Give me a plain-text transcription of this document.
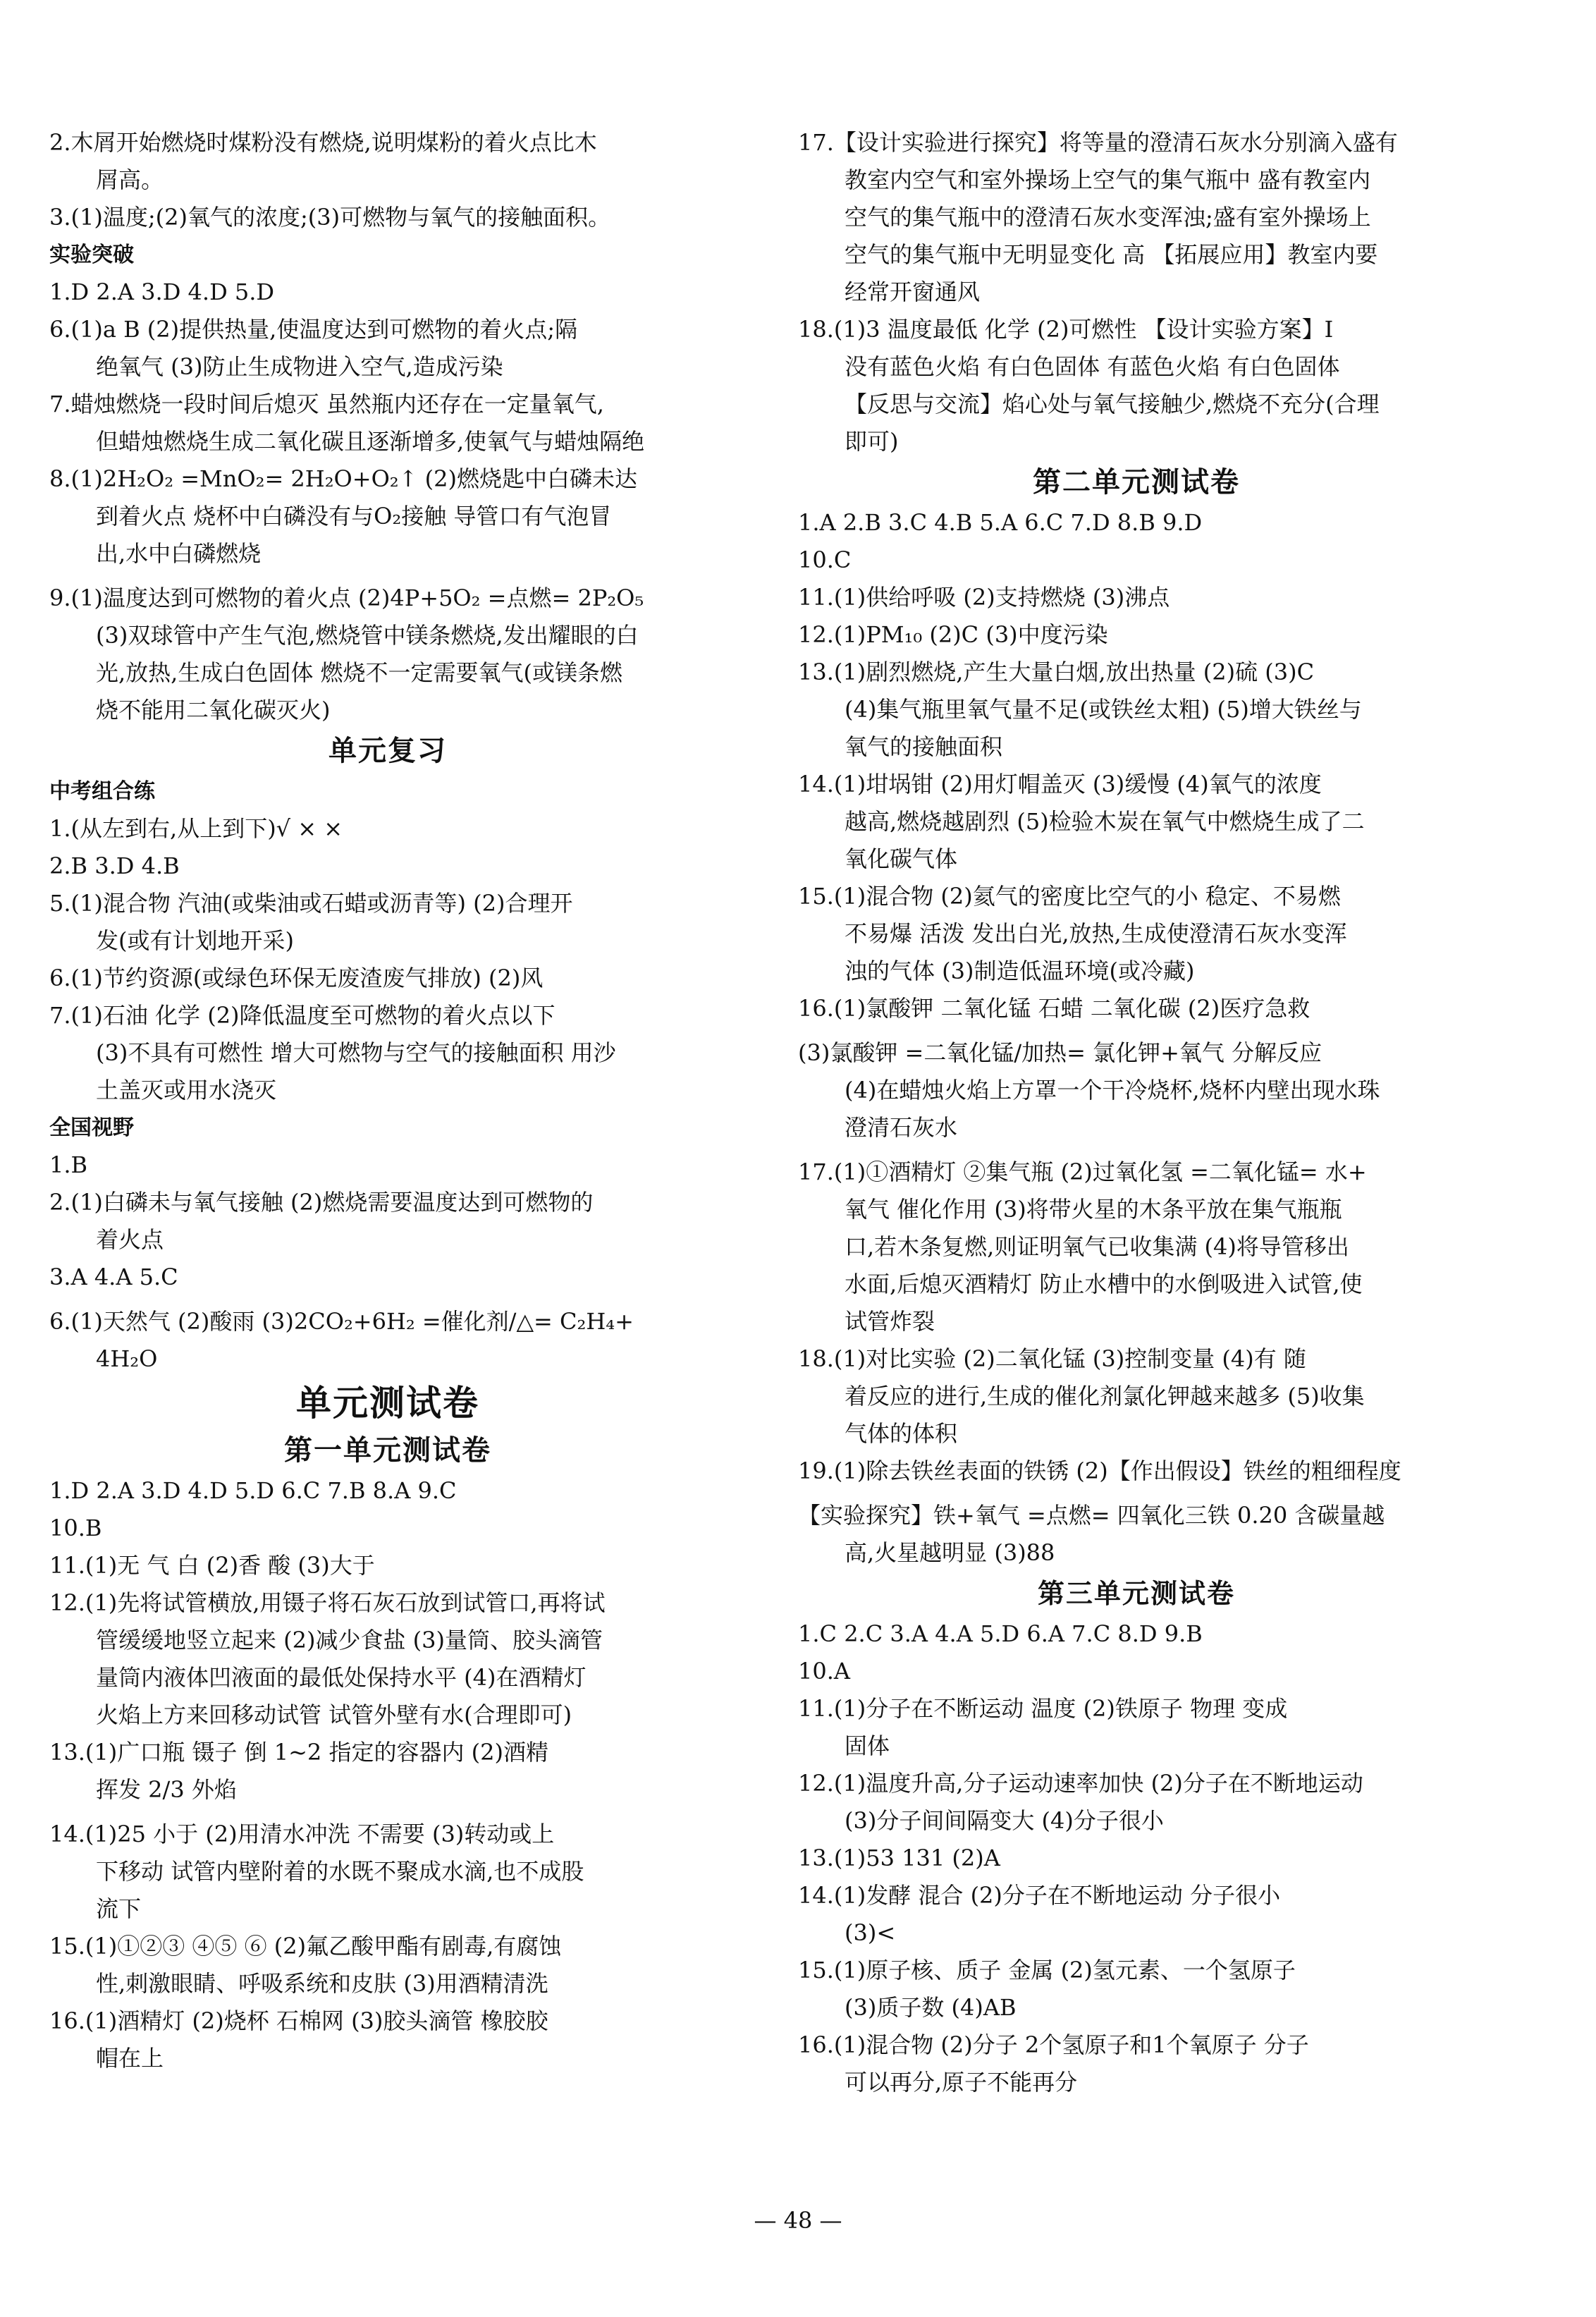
2.木屑开始燃烧时煤粉没有燃烧,说明煤粉的着火点比木
屑高。
3.(1)温度;(2)氧气的浓度;(3)可燃物与氧气的接触面积。
实验突破
1.D 2.A 3.D 4.D 5.D
6.(1)a B (2)提供热量,使温度达到可燃物的着火点;隔
绝氧气 (3)防止生成物进入空气,造成污染
7.蜡烛燃烧一段时间后熄灭 虽然瓶内还存在一定量氧气,
但蜡烛燃烧生成二氧化碳且逐渐增多,使氧气与蜡烛隔绝
8.(1)2H₂O₂ =MnO₂= 2H₂O+O₂↑ (2)燃烧匙中白磷未达
到着火点 烧杯中白磷没有与O₂接触 导管口有气泡冒
出,水中白磷燃烧
9.(1)温度达到可燃物的着火点 (2)4P+5O₂ =点燃= 2P₂O₅
(3)双球管中产生气泡,燃烧管中镁条燃烧,发出耀眼的白
光,放热,生成白色固体 燃烧不一定需要氧气(或镁条燃
烧不能用二氧化碳灭火)
单元复习
中考组合练
1.(从左到右,从上到下)√ × ×
2.B 3.D 4.B
5.(1)混合物 汽油(或柴油或石蜡或沥青等) (2)合理开
发(或有计划地开采)
6.(1)节约资源(或绿色环保无废渣废气排放) (2)风
7.(1)石油 化学 (2)降低温度至可燃物的着火点以下
(3)不具有可燃性 增大可燃物与空气的接触面积 用沙
土盖灭或用水浇灭
全国视野
1.B
2.(1)白磷未与氧气接触 (2)燃烧需要温度达到可燃物的
着火点
3.A 4.A 5.C
6.(1)天然气 (2)酸雨 (3)2CO₂+6H₂ =催化剂/△= C₂H₄+
4H₂O
单元测试卷
第一单元测试卷
1.D 2.A 3.D 4.D 5.D 6.C 7.B 8.A 9.C
10.B
11.(1)无 气 白 (2)香 酸 (3)大于
12.(1)先将试管横放,用镊子将石灰石放到试管口,再将试
管缓缓地竖立起来 (2)减少食盐 (3)量筒、胶头滴管
量筒内液体凹液面的最低处保持水平 (4)在酒精灯
火焰上方来回移动试管 试管外壁有水(合理即可)
13.(1)广口瓶 镊子 倒 1~2 指定的容器内 (2)酒精
挥发 2/3 外焰
14.(1)25 小于 (2)用清水冲洗 不需要 (3)转动或上
下移动 试管内壁附着的水既不聚成水滴,也不成股
流下
15.(1)①②③ ④⑤ ⑥ (2)氟乙酸甲酯有剧毒,有腐蚀
性,刺激眼睛、呼吸系统和皮肤 (3)用酒精清洗
16.(1)酒精灯 (2)烧杯 石棉网 (3)胶头滴管 橡胶胶
帽在上
17.【设计实验进行探究】将等量的澄清石灰水分别滴入盛有
教室内空气和室外操场上空气的集气瓶中 盛有教室内
空气的集气瓶中的澄清石灰水变浑浊;盛有室外操场上
空气的集气瓶中无明显变化 高 【拓展应用】教室内要
经常开窗通风
18.(1)3 温度最低 化学 (2)可燃性 【设计实验方案】Ⅰ
没有蓝色火焰 有白色固体 有蓝色火焰 有白色固体
【反思与交流】焰心处与氧气接触少,燃烧不充分(合理
即可)
第二单元测试卷
1.A 2.B 3.C 4.B 5.A 6.C 7.D 8.B 9.D
10.C
11.(1)供给呼吸 (2)支持燃烧 (3)沸点
12.(1)PM₁₀ (2)C (3)中度污染
13.(1)剧烈燃烧,产生大量白烟,放出热量 (2)硫 (3)C
(4)集气瓶里氧气量不足(或铁丝太粗) (5)增大铁丝与
氧气的接触面积
14.(1)坩埚钳 (2)用灯帽盖灭 (3)缓慢 (4)氧气的浓度
越高,燃烧越剧烈 (5)检验木炭在氧气中燃烧生成了二
氧化碳气体
15.(1)混合物 (2)氦气的密度比空气的小 稳定、不易燃
不易爆 活泼 发出白光,放热,生成使澄清石灰水变浑
浊的气体 (3)制造低温环境(或冷藏)
16.(1)氯酸钾 二氧化锰 石蜡 二氧化碳 (2)医疗急救
(3)氯酸钾 =二氧化锰/加热= 氯化钾+氧气 分解反应
(4)在蜡烛火焰上方罩一个干冷烧杯,烧杯内壁出现水珠
澄清石灰水
17.(1)①酒精灯 ②集气瓶 (2)过氧化氢 =二氧化锰= 水+
氧气 催化作用 (3)将带火星的木条平放在集气瓶瓶
口,若木条复燃,则证明氧气已收集满 (4)将导管移出
水面,后熄灭酒精灯 防止水槽中的水倒吸进入试管,使
试管炸裂
18.(1)对比实验 (2)二氧化锰 (3)控制变量 (4)有 随
着反应的进行,生成的催化剂氯化钾越来越多 (5)收集
气体的体积
19.(1)除去铁丝表面的铁锈 (2)【作出假设】铁丝的粗细程度
【实验探究】铁+氧气 =点燃= 四氧化三铁 0.20 含碳量越
高,火星越明显 (3)88
第三单元测试卷
1.C 2.C 3.A 4.A 5.D 6.A 7.C 8.D 9.B
10.A
11.(1)分子在不断运动 温度 (2)铁原子 物理 变成
固体
12.(1)温度升高,分子运动速率加快 (2)分子在不断地运动
(3)分子间间隔变大 (4)分子很小
13.(1)53 131 (2)A
14.(1)发酵 混合 (2)分子在不断地运动 分子很小
(3)<
15.(1)原子核、质子 金属 (2)氢元素、一个氢原子
(3)质子数 (4)AB
16.(1)混合物 (2)分子 2个氢原子和1个氧原子 分子
可以再分,原子不能再分
— 48 —
